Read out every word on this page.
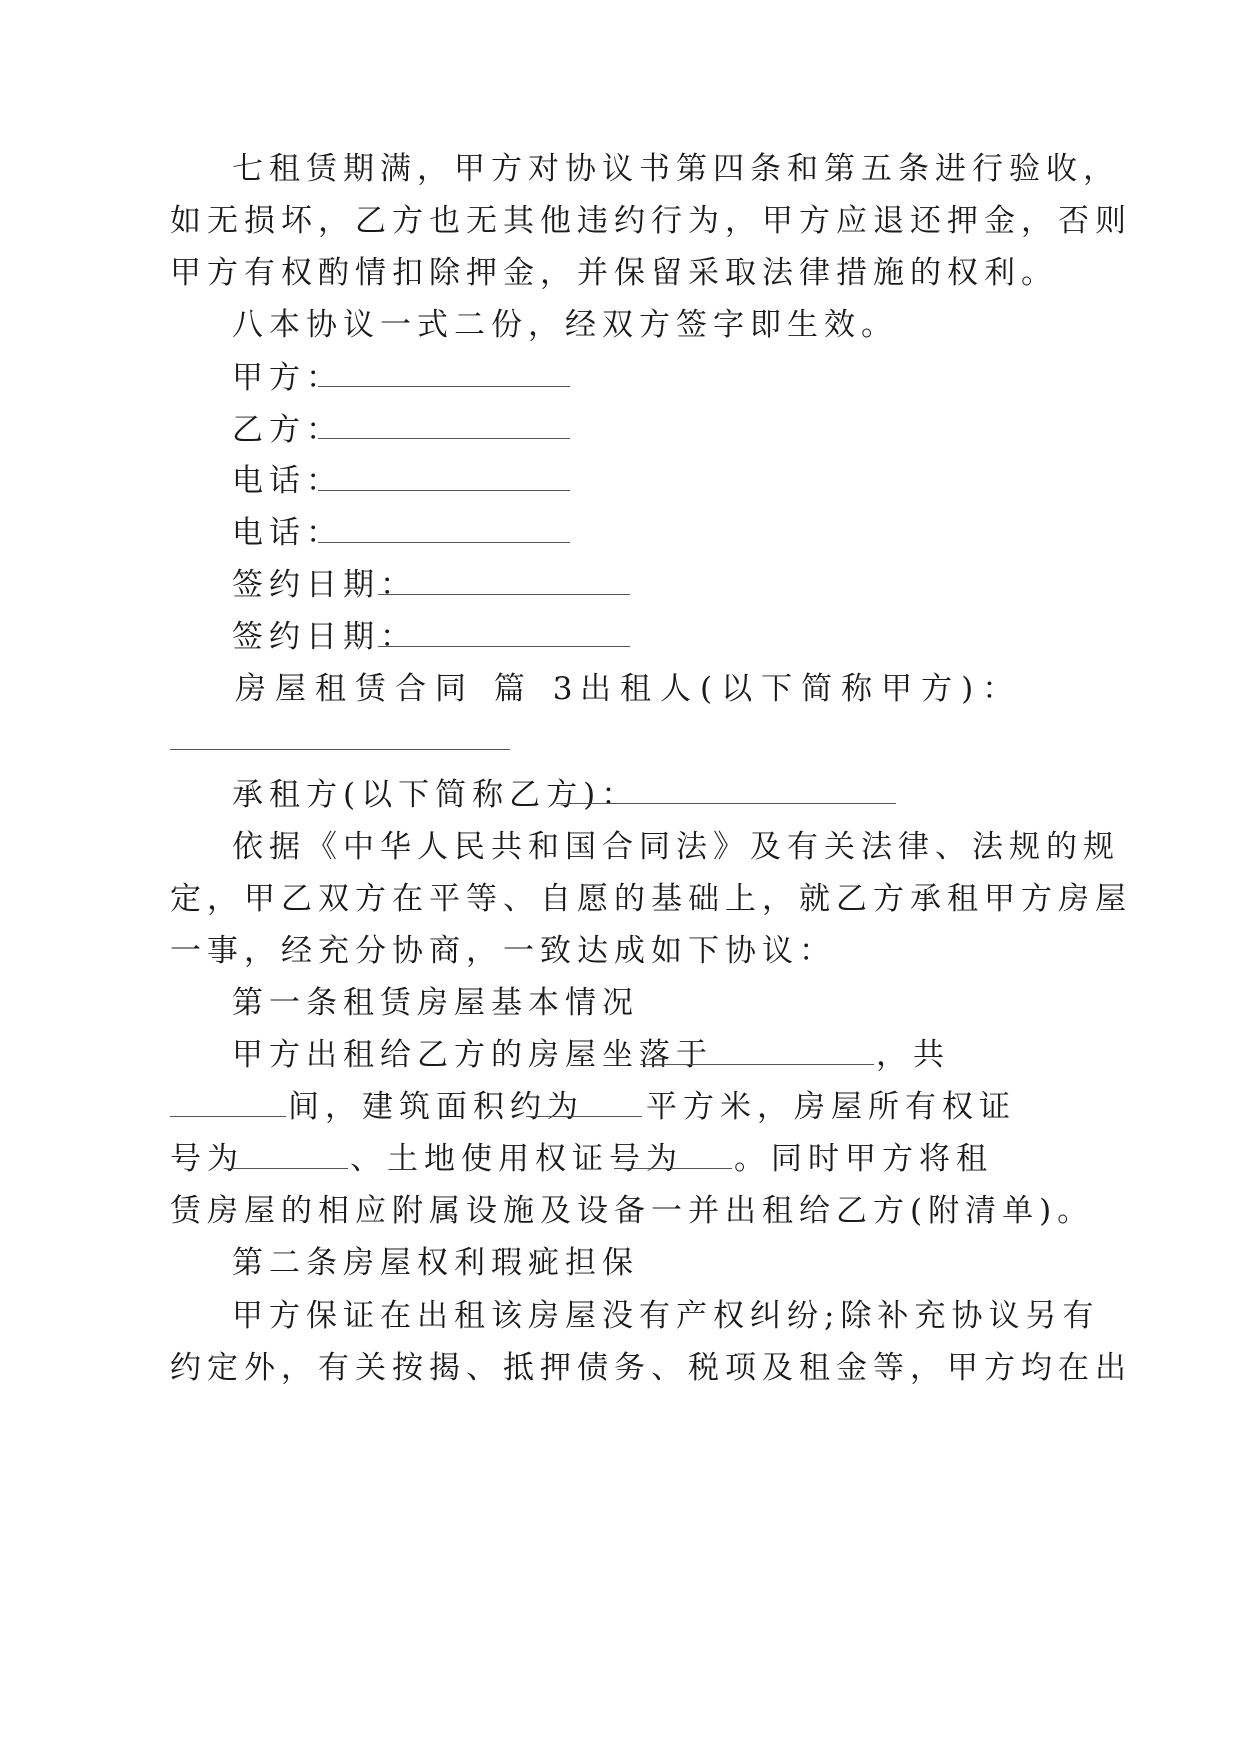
七租赁期满，甲方对协议书第四条和第五条进行验收，
如无损坏，乙方也无其他违约行为，甲方应退还押金，否则
甲方有权酌情扣除押金，并保留采取法律措施的权利。
八本协议一式二份，经双方签字即生效。
甲方：
乙方：
电话：
电话：
签约日期：
签约日期：
房屋租赁合同 篇 3
出租人(以下简称甲方)：
承租方(以下简称乙方)：
依据《中华人民共和国合同法》及有关法律、法规的规
定，甲乙双方在平等、自愿的基础上，就乙方承租甲方房屋
一事，经充分协商，一致达成如下协议：
第一条租赁房屋基本情况
甲方出租给乙方的房屋坐落于	，共
间，建筑面积约为 平方米，房屋所有权证
号为	、土地使用权证号为 。同时甲方将租
赁房屋的相应附属设施及设备一并出租给乙方(附清单)。
第二条房屋权利瑕疵担保
甲方保证在出租该房屋没有产权纠纷;除补充协议另有
约定外，有关按揭、抵押债务、税项及租金等，甲方均在出
